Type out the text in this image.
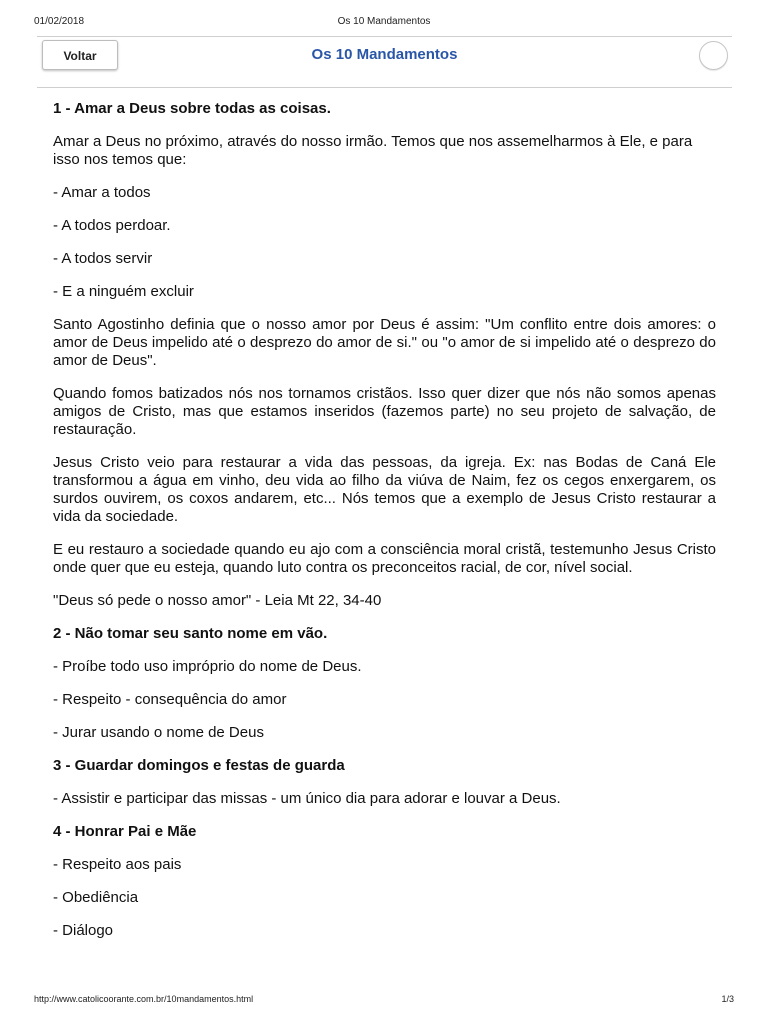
01/02/2018	Os 10 Mandamentos
Voltar	Os 10 Mandamentos

1 - Amar a Deus sobre todas as coisas.

Amar a Deus no próximo, através do nosso irmão. Temos que nos assemelharmos à Ele, e para isso nos temos que:

- Amar a todos

- A todos perdoar.

- A todos servir

- E a ninguém excluir

Santo Agostinho definia que o nosso amor por Deus é assim: "Um conflito entre dois amores: o amor de Deus impelido até o desprezo do amor de si." ou "o amor de si impelido até o desprezo do amor de Deus".

Quando fomos batizados nós nos tornamos cristãos. Isso quer dizer que nós não somos apenas amigos de Cristo, mas que estamos inseridos (fazemos parte) no seu projeto de salvação, de restauração.

Jesus Cristo veio para restaurar a vida das pessoas, da igreja. Ex: nas Bodas de Caná Ele transformou a água em vinho, deu vida ao filho da viúva de Naim, fez os cegos enxergarem, os surdos ouvirem, os coxos andarem, etc... Nós temos que a exemplo de Jesus Cristo restaurar a vida da sociedade.

E eu restauro a sociedade quando eu ajo com a consciência moral cristã, testemunho Jesus Cristo onde quer que eu esteja, quando luto contra os preconceitos racial, de cor, nível social.

"Deus só pede o nosso amor" - Leia Mt 22, 34-40

2 - Não tomar seu santo nome em vão.

- Proíbe todo uso impróprio do nome de Deus.

- Respeito - consequência do amor

- Jurar usando o nome de Deus

3 - Guardar domingos e festas de guarda

- Assistir e participar das missas - um único dia para adorar e louvar a Deus.

4 - Honrar Pai e Mãe

- Respeito aos pais

- Obediência

- Diálogo

http://www.catolicoorante.com.br/10mandamentos.html	1/3
